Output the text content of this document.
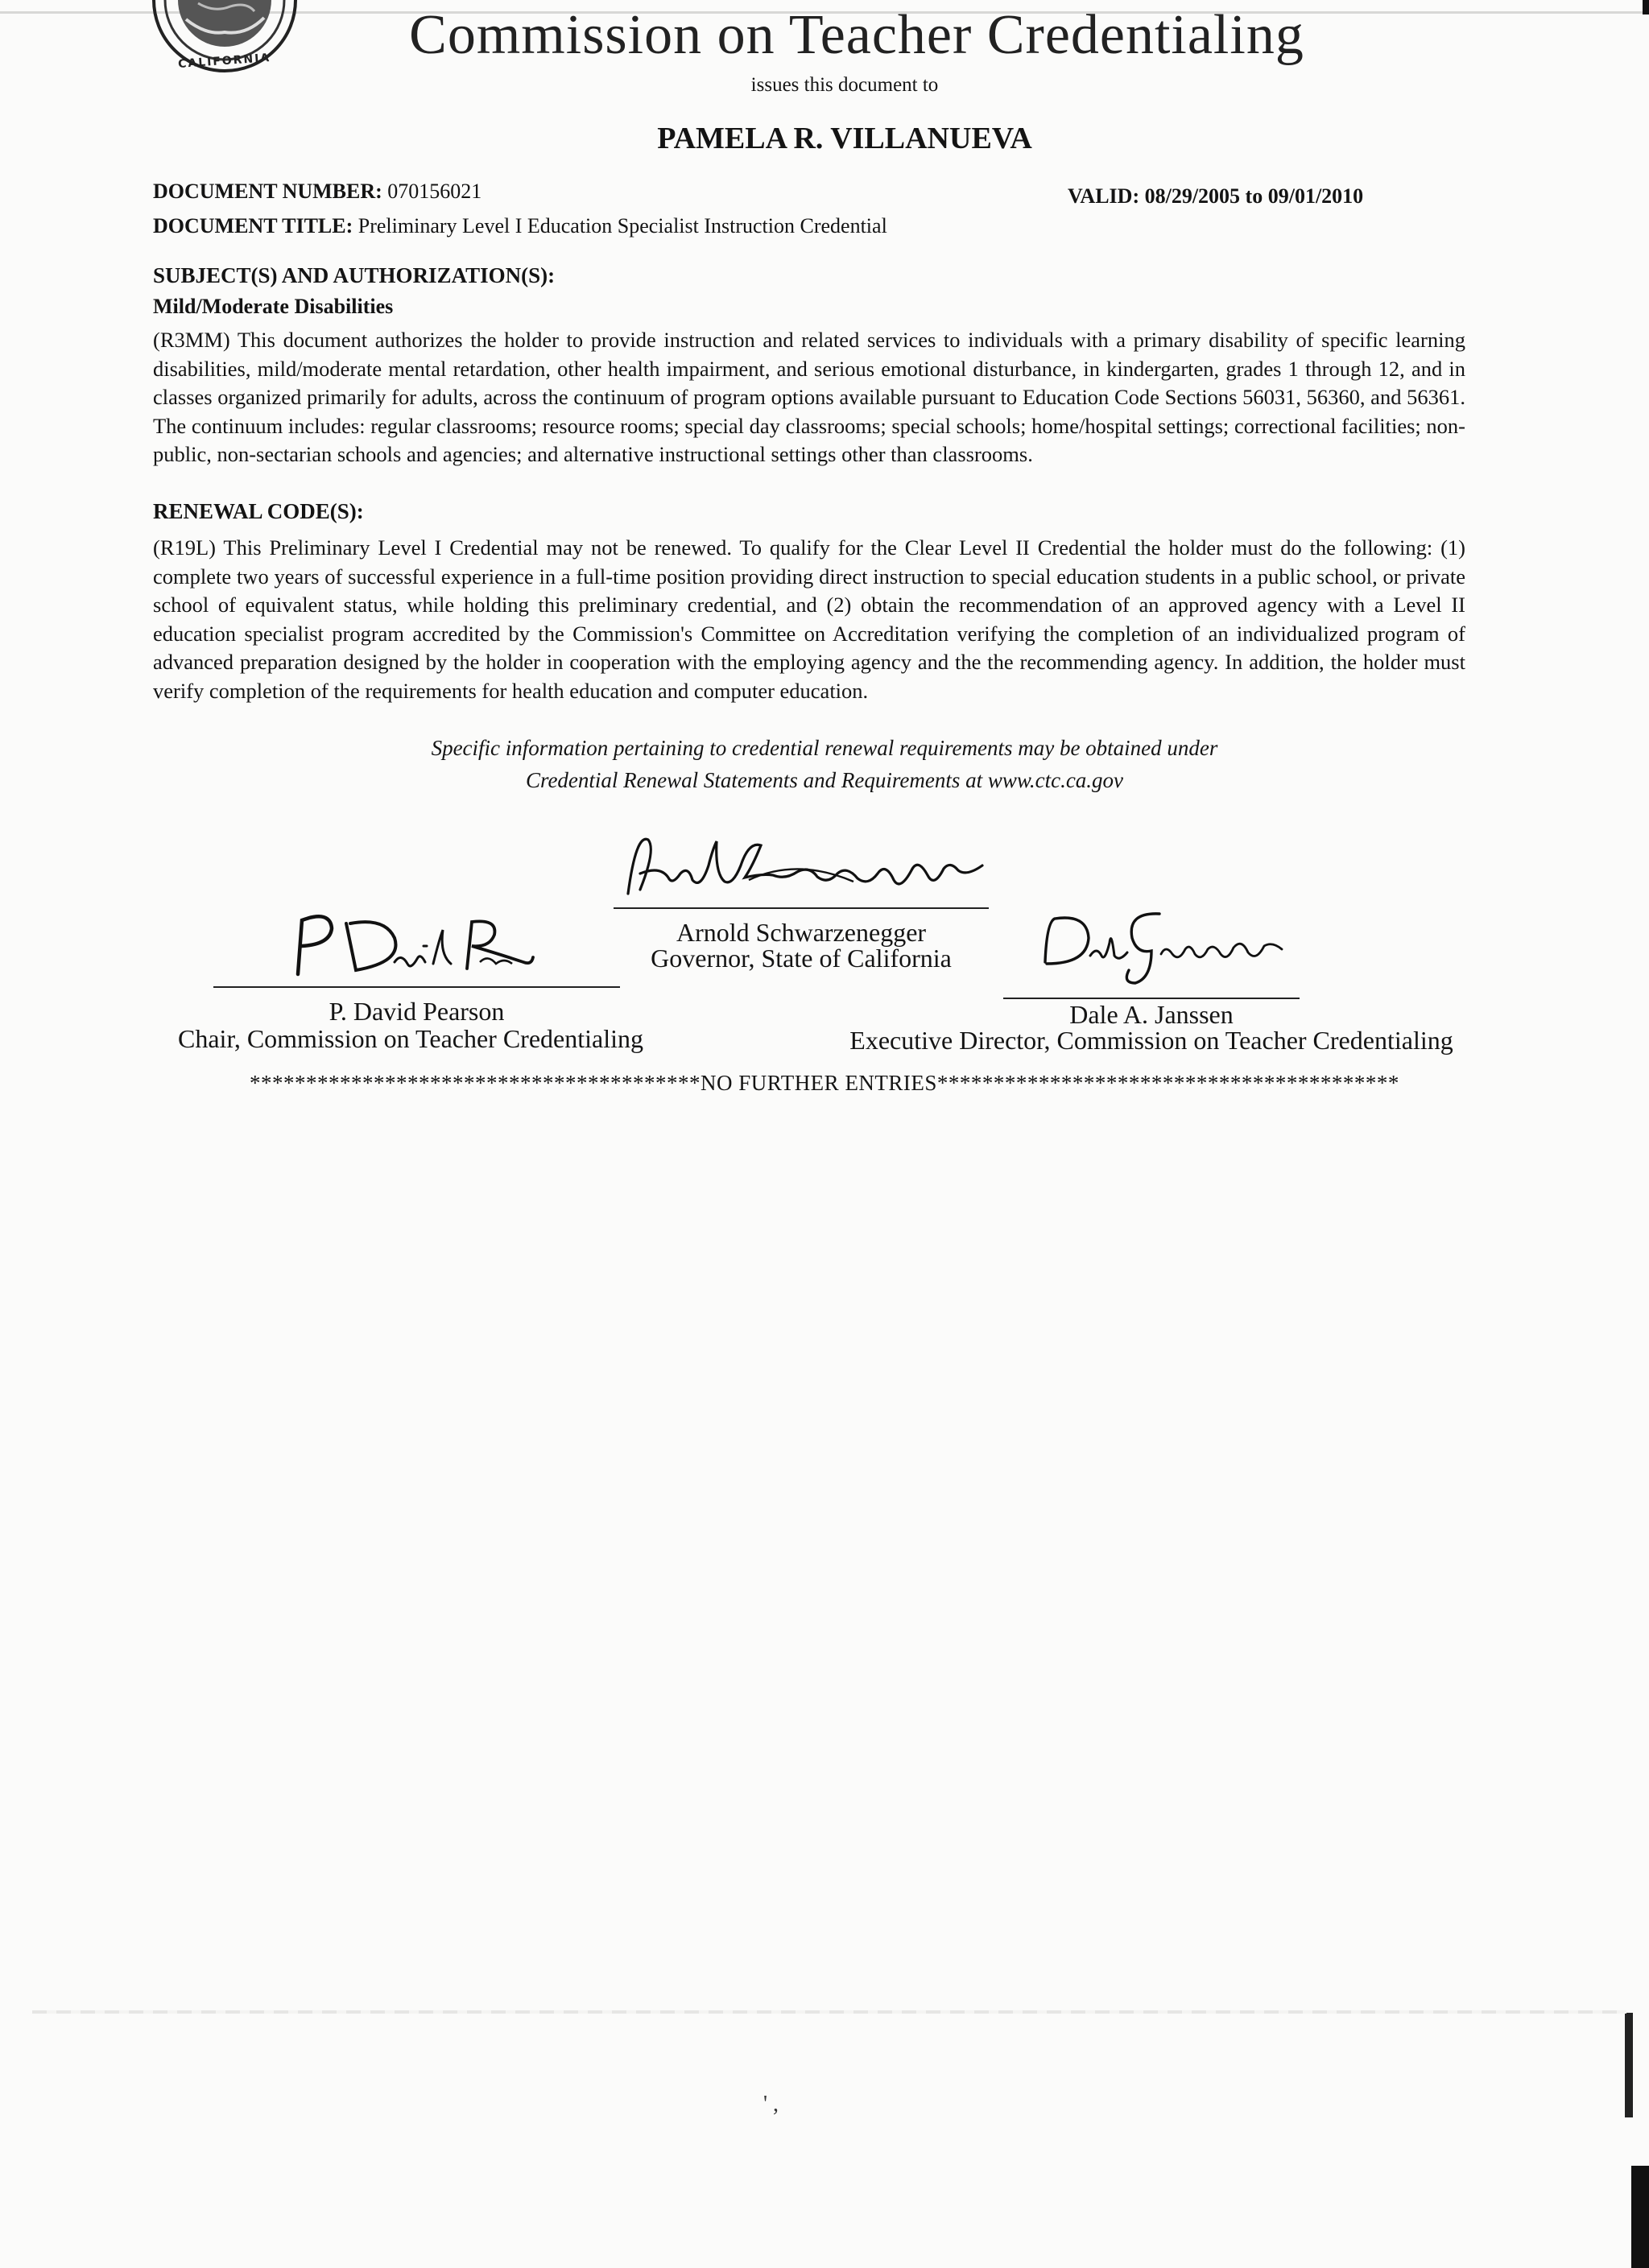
CALIFORNIA	Commission on Teacher Credentialing
issues this document to
PAMELA R. VILLANUEVA
DOCUMENT NUMBER: 070156021
DOCUMENT TITLE: Preliminary Level I Education Specialist Instruction Credential
VALID: 08/29/2005 to 09/01/2010
SUBJECT(S) AND AUTHORIZATION(S):
Mild/Moderate Disabilities
(R3MM) This document authorizes the holder to provide instruction and related services to individuals with a primary disability of specific learning disabilities, mild/moderate mental retardation, other health impairment, and serious emotional disturbance, in kindergarten, grades 1 through 12, and in classes organized primarily for adults, across the continuum of program options available pursuant to Education Code Sections 56031, 56360, and 56361. The continuum includes: regular classrooms; resource rooms; special day classrooms; special schools; home/hospital settings; correctional facilities; non-public, non-sectarian schools and agencies; and alternative instructional settings other than classrooms.
RENEWAL CODE(S):
(R19L) This Preliminary Level I Credential may not be renewed. To qualify for the Clear Level II Credential the holder must do the following: (1) complete two years of successful experience in a full-time position providing direct instruction to special education students in a public school, or private school of equivalent status, while holding this preliminary credential, and (2) obtain the recommendation of an approved agency with a Level II education specialist program accredited by the Commission's Committee on Accreditation verifying the completion of an individualized program of advanced preparation designed by the holder in cooperation with the employing agency and the the recommending agency. In addition, the holder must verify completion of the requirements for health education and computer education.
Specific information pertaining to credential renewal requirements may be obtained under
Credential Renewal Statements and Requirements at www.ctc.ca.gov
Arnold Schwarzenegger
Governor, State of California
P. David Pearson
Chair, Commission on Teacher Credentialing
Dale A. Janssen
Executive Director, Commission on Teacher Credentialing
****************************************NO FURTHER ENTRIES*****************************************
' ,
